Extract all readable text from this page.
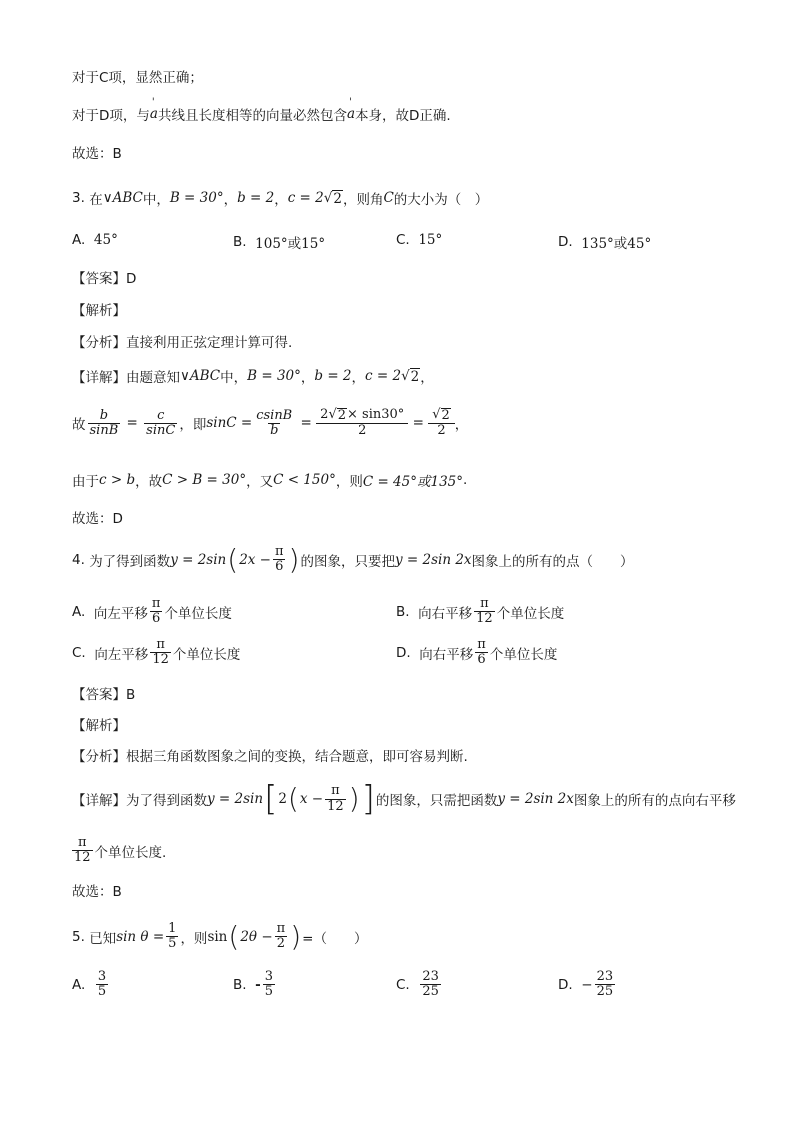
对于C项，显然正确；
对于D项，与 ' a 共线且长度相等的向量必然包含 ' a 本身，故D正确.
故选：B
3.
在 ∨ABC 中， B = 30° ， b = 2 ， c = 2 √ 2 ，则角 C 的大小为（　）
A.
45°	B.
105°或15°	C.
15°	D.
135°或45°
【答案】D
【解析】
【分析】直接利用正弦定理计算可得.
【详解】 由题意知 ∨ABC 中， B = 30° ， b = 2 ， c = 2 √ 2 ，
故 $\frac{b}{\sin B} = \frac{c}{\sin C}$ ，即 $\sin C = \frac{csinB}{b} = \frac{2√ 2 \times \sin 30^\circ}{2} = \frac{√ 2}{2}$ ，
由于 c > b ，故 C > B = 30° ，又 C < 150° ，则 C = 45°或135° .
故选：D
4.
为了得到函数 y = 2sin ( $2x - \frac{\pi}{6}$ ) 的图象，只要把 y = 2sin 2x 图象上的所有的点（　　）
A.
向左平移 $\frac{\pi}{6}$ 个单位长度	B.
向右平移 $\frac{\pi}{12}$ 个单位长度
C.
向左平移 $\frac{\pi}{12}$ 个单位长度	D.
向右平移 $\frac{\pi}{6}$ 个单位长度
【答案】B
【解析】
【分析】根据三角函数图象之间的变换，结合题意，即可容易判断.
【详解】 为了得到函数 y = 2sin [ 2 ( $x - \frac{\pi}{12}$ ) ] 的图象，只需把函数 y = 2sin 2x 图象上的所有的点向右平移
$\frac{\pi}{12}$ 个单位长度.
故选：B
5.
已知 $\sin \theta = \frac{1}{5}$ ，则 sin ( $2\theta - \frac{\pi}{2}$ ) =（　　）
A.
$\frac{3}{5}$	B.
- $\frac{3}{5}$	C.
$\frac{23}{25}$	D.
− $\frac{23}{25}$
